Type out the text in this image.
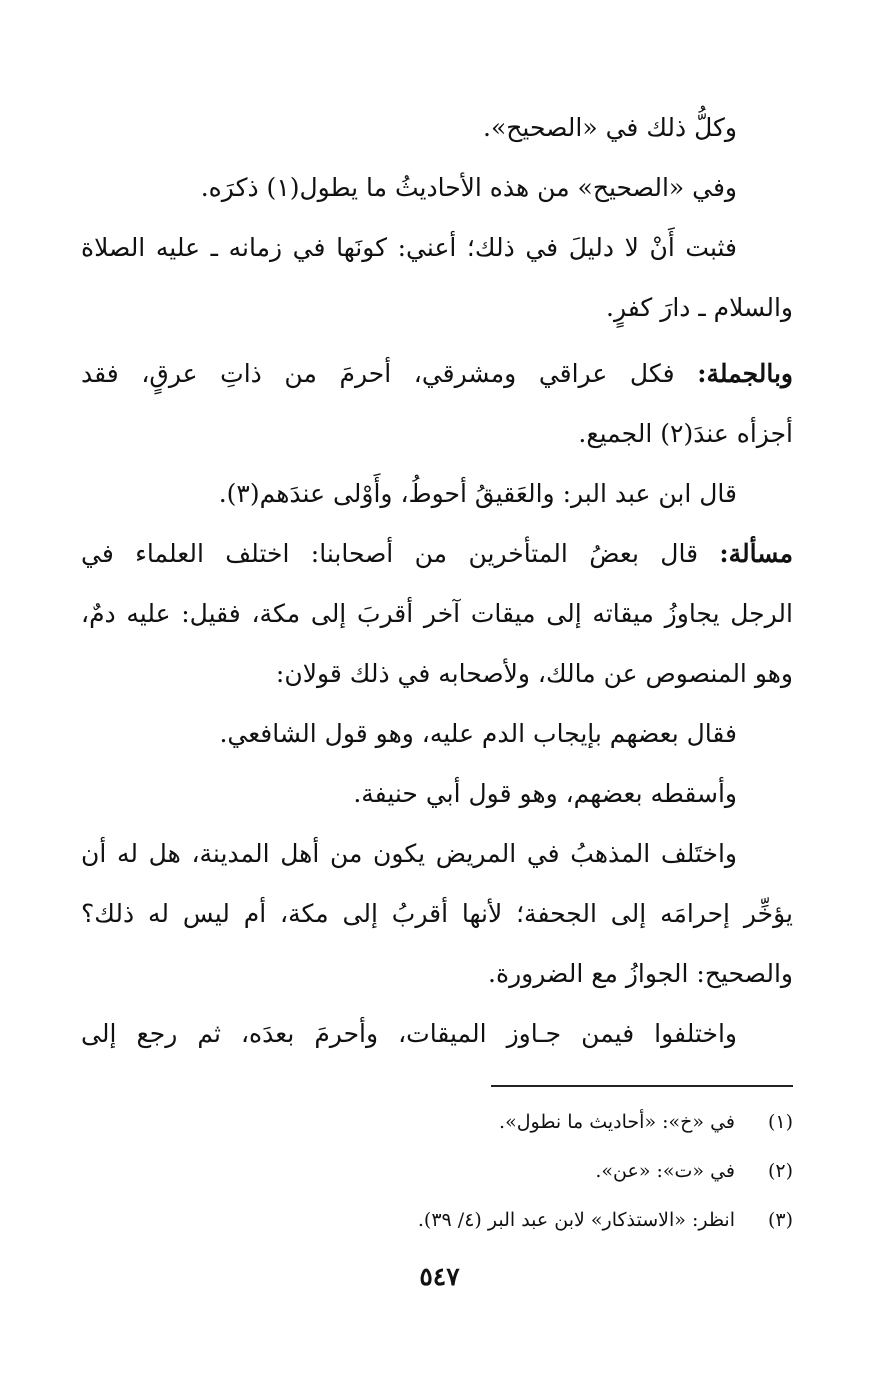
وكلُّ ذلك في «الصحيح».
وفي «الصحيح» من هذه الأحاديثُ ما يطول(١) ذكرَه.
فثبت أَنْ لا دليلَ في ذلك؛ أعني: كونَها في زمانه ـ عليه الصلاة
والسلام ـ دارَ كفرٍ.
وبالجملة: فكل عراقي ومشرقي، أحرمَ من ذاتِ عرقٍ، فقد
أجزأه عندَ(٢) الجميع.
قال ابن عبد البر: والعَقيقُ أحوطُ، وأَوْلى عندَهم(٣).
مسألة: قال بعضُ المتأخرين من أصحابنا: اختلف العلماء في
الرجل يجاوزُ ميقاته إلى ميقات آخر أقربَ إلى مكة، فقيل: عليه دمٌ،
وهو المنصوص عن مالك، ولأصحابه في ذلك قولان:
فقال بعضهم بإيجاب الدم عليه، وهو قول الشافعي.
وأسقطه بعضهم، وهو قول أبي حنيفة.
واختَلف المذهبُ في المريض يكون من أهل المدينة، هل له أن
يؤخِّر إحرامَه إلى الجحفة؛ لأنها أقربُ إلى مكة، أم ليس له ذلك؟
والصحيح: الجوازُ مع الضرورة.
واختلفوا فيمن جـاوز الميقات، وأحرمَ بعدَه، ثم رجع إلى
(١)في «خ»: «أحاديث ما نطول».
(٢)في «ت»: «عن».
(٣)انظر: «الاستذكار» لابن عبد البر (٤/ ٣٩).
٥٤٧
